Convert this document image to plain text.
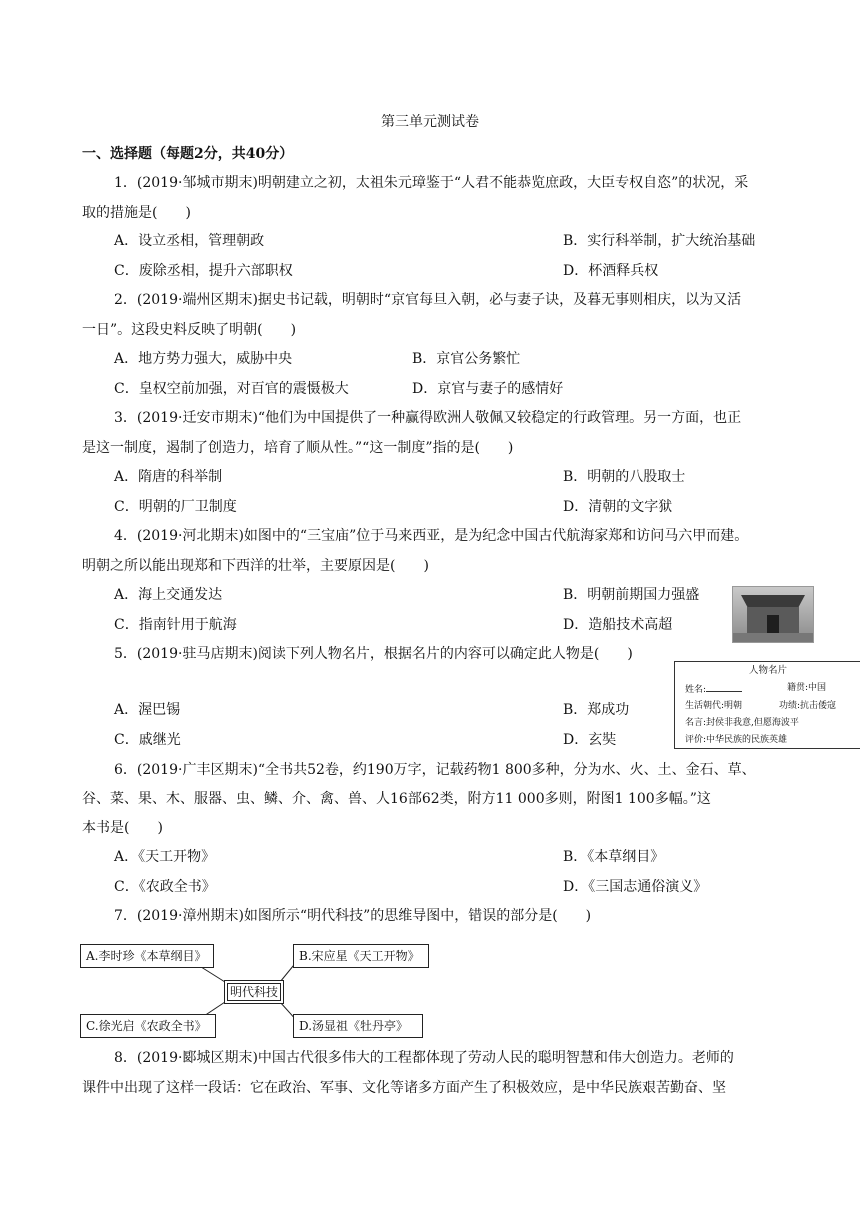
第三单元测试卷
一、选择题（每题2分，共40分）
1．(2019·邹城市期末)明朝建立之初，太祖朱元璋鉴于“人君不能恭览庶政，大臣专权自恣”的状况，采
取的措施是(　　)
A．设立丞相，管理朝政	B．实行科举制，扩大统治基础
C．废除丞相，提升六部职权	D．杯酒释兵权
2．(2019·端州区期末)据史书记载，明朝时“京官每旦入朝，必与妻子诀，及暮无事则相庆，以为又活
一日”。这段史料反映了明朝(　　)
A．地方势力强大，威胁中央	B．京官公务繁忙
C．皇权空前加强，对百官的震慑极大	D．京官与妻子的感情好
3．(2019·迁安市期末)“他们为中国提供了一种赢得欧洲人敬佩又较稳定的行政管理。另一方面，也正
是这一制度，遏制了创造力，培育了顺从性。”“这一制度”指的是(　　)
A．隋唐的科举制	B．明朝的八股取士
C．明朝的厂卫制度	D．清朝的文字狱
4．(2019·河北期末)如图中的“三宝庙”位于马来西亚，是为纪念中国古代航海家郑和访问马六甲而建。
明朝之所以能出现郑和下西洋的壮举，主要原因是(　　)
A．海上交通发达	B．明朝前期国力强盛
C．指南针用于航海	D．造船技术高超
5．(2019·驻马店期末)阅读下列人物名片，根据名片的内容可以确定此人物是(　　)
人物名片
姓名:	籍贯:中国
生活朝代:明朝	功绩:抗击倭寇
名言:封侯非我意,但愿海波平
评价:中华民族的民族英雄
A．渥巴锡	B．郑成功
C．戚继光	D．玄奘
6．(2019·广丰区期末)“全书共52卷，约190万字，记载药物1 800多种，分为水、火、土、金石、草、
谷、菜、果、木、服器、虫、鳞、介、禽、兽、人16部62类，附方11 000多则，附图1 100多幅。”这
本书是(　　)
A．《天工开物》	B．《本草纲目》
C．《农政全书》	D．《三国志通俗演义》
7．(2019·漳州期末)如图所示“明代科技”的思维导图中，错误的部分是(　　)
A.李时珍《本草纲目》	B.宋应星《天工开物》
明代科技
C.徐光启《农政全书》	D.汤显祖《牡丹亭》
8．(2019·郾城区期末)中国古代很多伟大的工程都体现了劳动人民的聪明智慧和伟大创造力。老师的
课件中出现了这样一段话：它在政治、军事、文化等诸多方面产生了积极效应，是中华民族艰苦勤奋、坚
